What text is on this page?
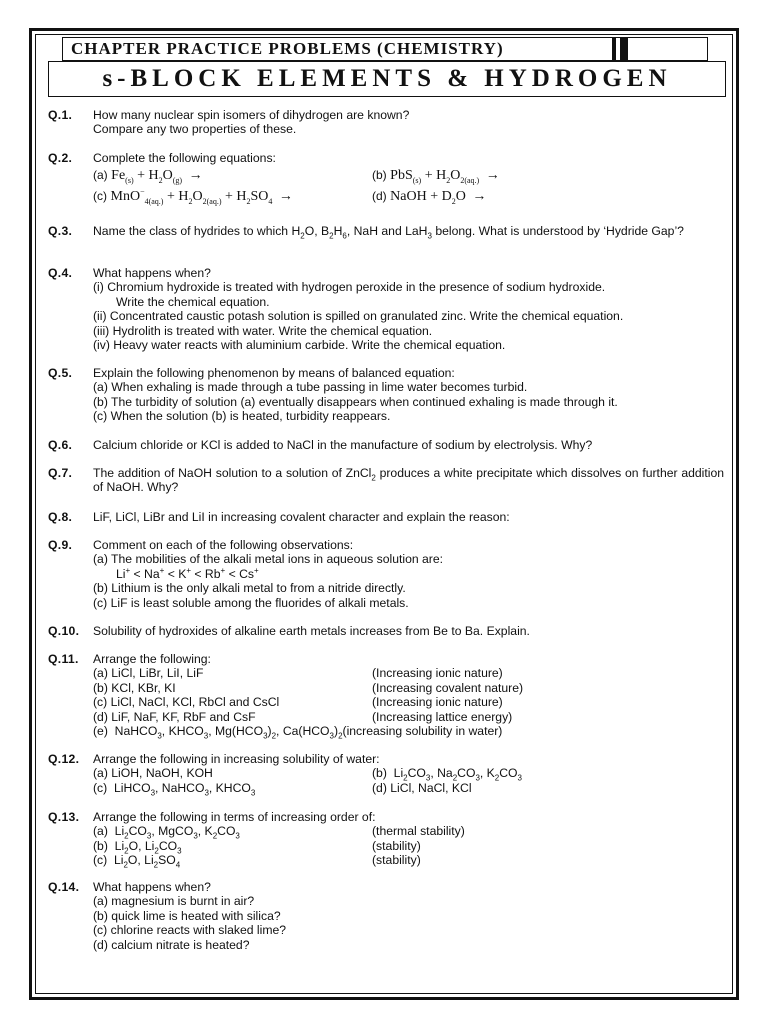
CHAPTER PRACTICE PROBLEMS (CHEMISTRY)
s-BLOCK ELEMENTS & HYDROGEN
Q.1. How many nuclear spin isomers of dihydrogen are known?
Compare any two properties of these.
Q.2. Complete the following equations:
(a) $Fe_{(s)} + H_2O_{(g)}$ →	(b) $PbS_{(s)} + H_2O_{2(aq.)}$ →
(c) $MnO^-_{4(aq.)} + H_2O_{2(aq.)} + H_2SO_4$ →	(d) NaOH + $D_2O$ →
Q.3. Name the class of hydrides to which $H_2O$, $B_2H_6$, NaH and LaH$_3$ belong. What is understood by ‘Hydride Gap’?
Q.4. What happens when?
(i) Chromium hydroxide is treated with hydrogen peroxide in the presence of sodium hydroxide.
Write the chemical equation.
(ii) Concentrated caustic potash solution is spilled on granulated zinc. Write the chemical equation.
(iii) Hydrolith is treated with water. Write the chemical equation.
(iv) Heavy water reacts with aluminium carbide. Write the chemical equation.
Q.5. Explain the following phenomenon by means of balanced equation:
(a) When exhaling is made through a tube passing in lime water becomes turbid.
(b) The turbidity of solution (a) eventually disappears when continued exhaling is made through it.
(c) When the solution (b) is heated, turbidity reappears.
Q.6. Calcium chloride or KCl is added to NaCl in the manufacture of sodium by electrolysis. Why?
Q.7. The addition of NaOH solution to a solution of ZnCl$_2$ produces a white precipitate which dissolves on further addition of NaOH. Why?
Q.8. LiF, LiCl, LiBr and LiI in increasing covalent character and explain the reason:
Q.9. Comment on each of the following observations:
(a) The mobilities of the alkali metal ions in aqueous solution are:
Li+ < Na+ < K+ < Rb+ < Cs+
(b) Lithium is the only alkali metal to from a nitride directly.
(c) LiF is least soluble among the fluorides of alkali metals.
Q.10. Solubility of hydroxides of alkaline earth metals increases from Be to Ba. Explain.
Q.11. Arrange the following:
(a) LiCl, LiBr, LiI, LiF	(Increasing ionic nature)
(b) KCl, KBr, KI	(Increasing covalent nature)
(c) LiCl, NaCl, KCl, RbCl and CsCl	(Increasing ionic nature)
(d) LiF, NaF, KF, RbF and CsF	(Increasing lattice energy)
(e)  NaHCO$_3$, $KHCO_3$, $Mg(HCO_3)_2$, $Ca(HCO_3)_2$ (increasing solubility in water)
Q.12. Arrange the following in increasing solubility of water:
(a) LiOH, NaOH, KOH	(b)  $Li_2CO_3$, $Na_2CO_3$, $K_2CO_3$
(c)  LiHCO$_3$, NaHCO$_3$, $KHCO_3$	(d) LiCl, NaCl, KCl
Q.13. Arrange the following in terms of increasing order of:
(a)  $Li_2CO_3$, MgCO$_3$, $K_2CO_3$	(thermal stability)
(b)  $Li_2O$, $Li_2CO_3$	(stability)
(c)  $Li_2O$, $Li_2SO_4$	(stability)
Q.14. What happens when?
(a) magnesium is burnt in air?
(b) quick lime is heated with silica?
(c) chlorine reacts with slaked lime?
(d) calcium nitrate is heated?
